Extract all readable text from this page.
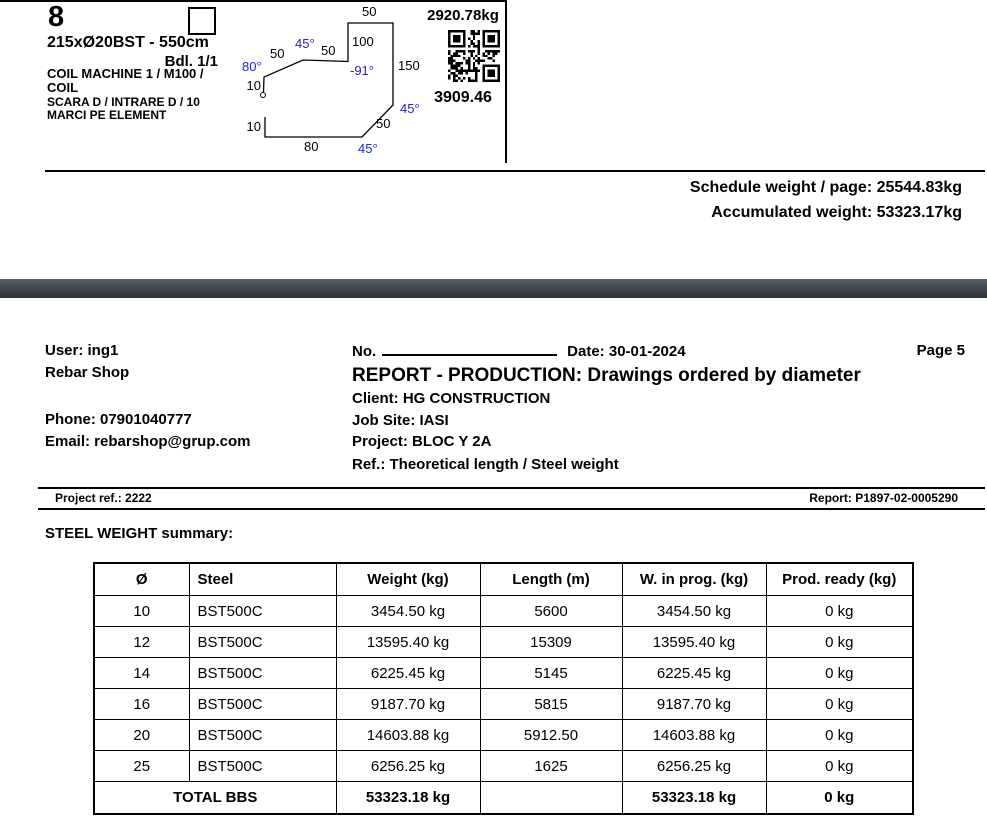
8
215xØ20BST - 550cm
Bdl. 1/1
COIL MACHINE 1 / M100 /
COIL
SCARA D / INTRARE D / 10
MARCI PE ELEMENT
50
100
150
50
80
10
10
50	50
45°
80°	-91°
45°
45°
2920.78kg
3909.46
Schedule weight / page: 25544.83kg
Accumulated weight: 53323.17kg
User: ing1
Rebar Shop
Phone: 07901040777
Email: rebarshop@grup.com
No.	Date: 30-01-2024	Page 5
REPORT - PRODUCTION: Drawings ordered by diameter
Client: HG CONSTRUCTION
Job Site: IASI
Project: BLOC Y 2A
Ref.: Theoretical length / Steel weight
Project ref.: 2222	Report: P1897-02-0005290
STEEL WEIGHT summary:
Ø	Steel	Weight (kg)	Length (m)	W. in prog. (kg)	Prod. ready (kg)
10	BST500C	3454.50 kg	5600	3454.50 kg	0 kg
12	BST500C	13595.40 kg	15309	13595.40 kg	0 kg
14	BST500C	6225.45 kg	5145	6225.45 kg	0 kg
16	BST500C	9187.70 kg	5815	9187.70 kg	0 kg
20	BST500C	14603.88 kg	5912.50	14603.88 kg	0 kg
25	BST500C	6256.25 kg	1625	6256.25 kg	0 kg
TOTAL BBS		53323.18 kg		53323.18 kg	0 kg
